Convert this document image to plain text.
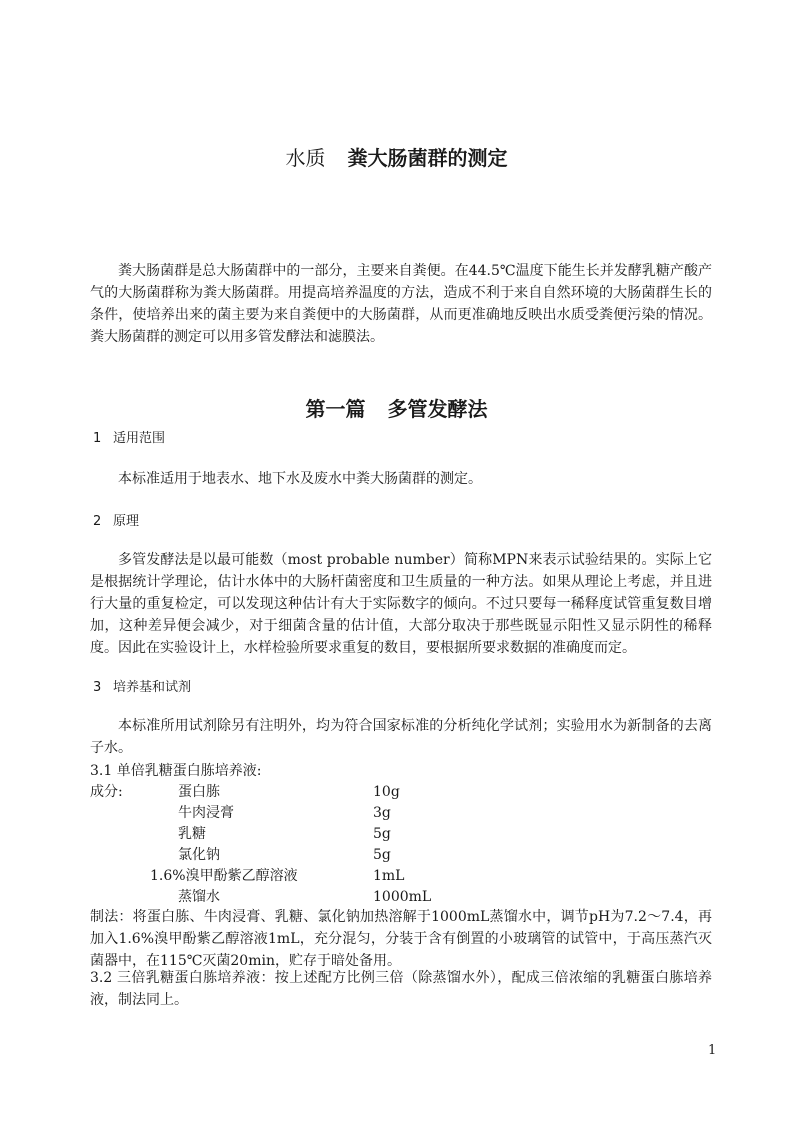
水质 粪大肠菌群的测定

粪大肠菌群是总大肠菌群中的一部分，主要来自粪便。在44.5℃温度下能生长并发酵乳糖产酸产气的大肠菌群称为粪大肠菌群。用提高培养温度的方法，造成不利于来自自然环境的大肠菌群生长的条件，使培养出来的菌主要为来自粪便中的大肠菌群，从而更准确地反映出水质受粪便污染的情况。粪大肠菌群的测定可以用多管发酵法和滤膜法。

第一篇 多管发酵法
1 适用范围

本标准适用于地表水、地下水及废水中粪大肠菌群的测定。

2 原理

多管发酵法是以最可能数（most probable number）简称MPN来表示试验结果的。实际上它是根据统计学理论，估计水体中的大肠杆菌密度和卫生质量的一种方法。如果从理论上考虑，并且进行大量的重复检定，可以发现这种估计有大于实际数字的倾向。不过只要每一稀释度试管重复数目增加，这种差异便会减少，对于细菌含量的估计值，大部分取决于那些既显示阳性又显示阴性的稀释度。因此在实验设计上，水样检验所要求重复的数目，要根据所要求数据的准确度而定。

3 培养基和试剂

本标准所用试剂除另有注明外，均为符合国家标准的分析纯化学试剂；实验用水为新制备的去离子水。

3.1 单倍乳糖蛋白胨培养液:
成分:	蛋白胨	10g
牛肉浸膏	3g
乳糖	5g
氯化钠	5g
1.6%溴甲酚紫乙醇溶液	1mL
蒸馏水	1000mL

制法：将蛋白胨、牛肉浸膏、乳糖、氯化钠加热溶解于1000mL蒸馏水中，调节pH为7.2～7.4，再加入1.6%溴甲酚紫乙醇溶液1mL，充分混匀，分装于含有倒置的小玻璃管的试管中，于高压蒸汽灭菌器中，在115℃灭菌20min，贮存于暗处备用。

3.2 三倍乳糖蛋白胨培养液：按上述配方比例三倍（除蒸馏水外），配成三倍浓缩的乳糖蛋白胨培养液，制法同上。

1
